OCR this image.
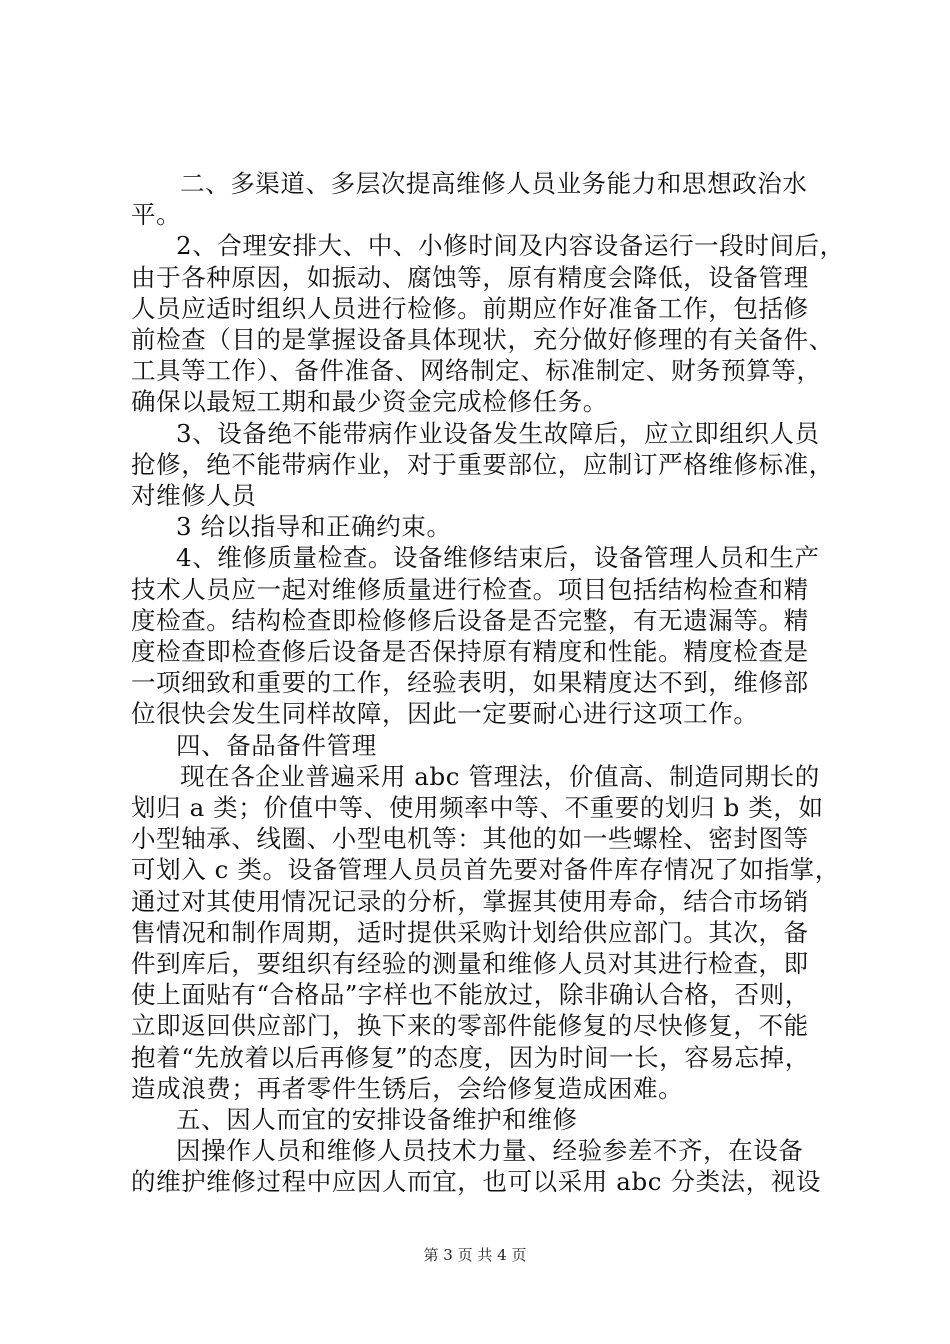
二、多渠道、多层次提高维修人员业务能力和思想政治水
平。
2、合理安排大、中、小修时间及内容设备运行一段时间后，
由于各种原因，如振动、腐蚀等，原有精度会降低，设备管理
人员应适时组织人员进行检修。前期应作好准备工作，包括修
前检查（目的是掌握设备具体现状，充分做好修理的有关备件、
工具等工作）、备件准备、网络制定、标准制定、财务预算等，
确保以最短工期和最少资金完成检修任务。
3、设备绝不能带病作业设备发生故障后，应立即组织人员
抢修，绝不能带病作业，对于重要部位，应制订严格维修标准，
对维修人员
3 给以指导和正确约束。
4、维修质量检查。设备维修结束后，设备管理人员和生产
技术人员应一起对维修质量进行检查。项目包括结构检查和精
度检查。结构检查即检修修后设备是否完整，有无遗漏等。精
度检查即检查修后设备是否保持原有精度和性能。精度检查是
一项细致和重要的工作，经验表明，如果精度达不到，维修部
位很快会发生同样故障，因此一定要耐心进行这项工作。
四、备品备件管理
现在各企业普遍采用 abc 管理法，价值高、制造同期长的
划归 a 类；价值中等、使用频率中等、不重要的划归 b 类，如
小型轴承、线圈、小型电机等：其他的如一些螺栓、密封图等
可划入 c 类。设备管理人员员首先要对备件库存情况了如指掌，
通过对其使用情况记录的分析，掌握其使用寿命，结合市场销
售情况和制作周期，适时提供采购计划给供应部门。其次，备
件到库后，要组织有经验的测量和维修人员对其进行检查，即
使上面贴有“合格品”字样也不能放过，除非确认合格，否则，
立即返回供应部门，换下来的零部件能修复的尽快修复，不能
抱着“先放着以后再修复”的态度，因为时间一长，容易忘掉，
造成浪费；再者零件生锈后，会给修复造成困难。
五、因人而宜的安排设备维护和维修
因操作人员和维修人员技术力量、经验参差不齐，在设备
的维护维修过程中应因人而宜，也可以采用 abc 分类法，视设
第 3 页 共 4 页
